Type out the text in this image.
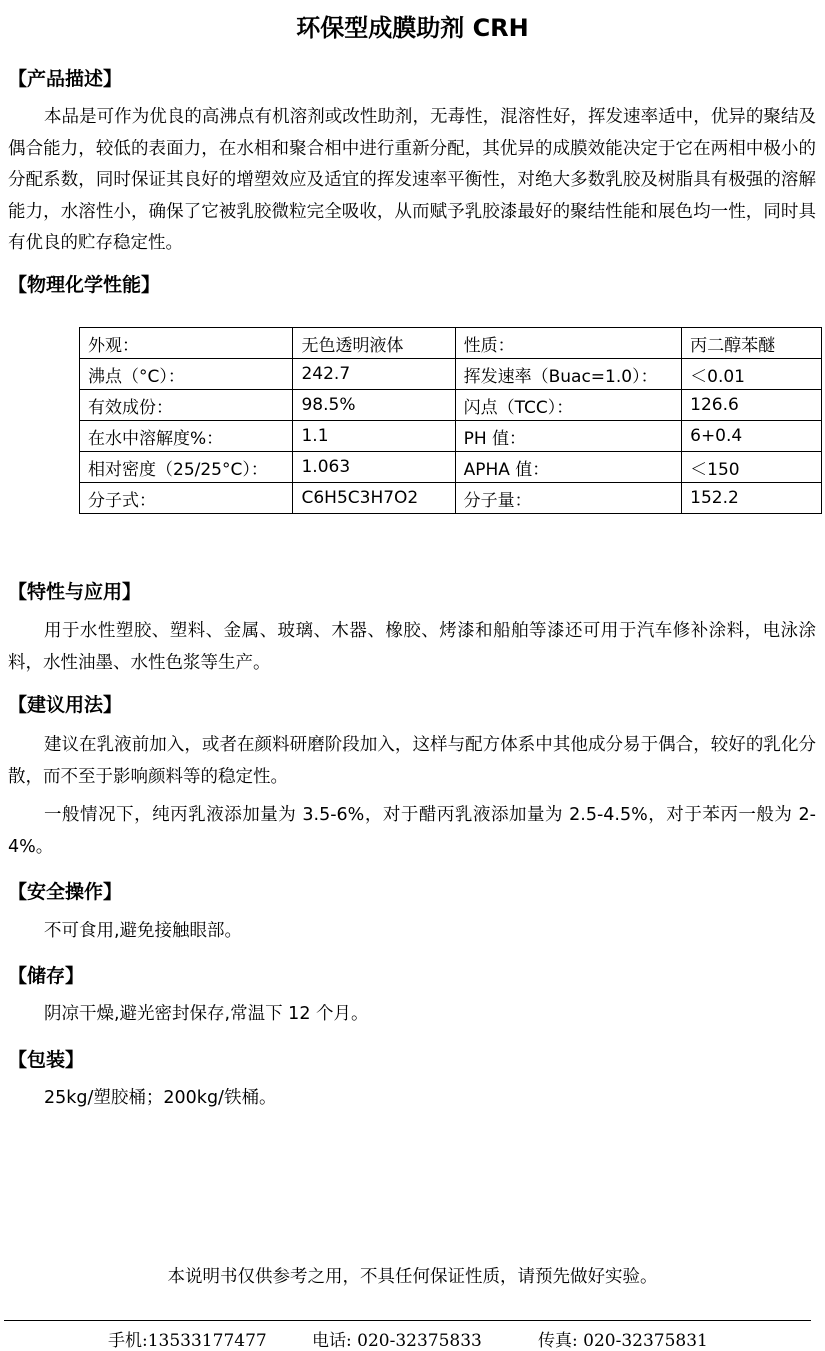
环保型成膜助剂 CRH
【产品描述】

本品是可作为优良的高沸点有机溶剂或改性助剂，无毒性，混溶性好，挥发速率适中，优异的聚结及偶合能力，较低的表面力，在水相和聚合相中进行重新分配，其优异的成膜效能决定于它在两相中极小的分配系数，同时保证其良好的增塑效应及适宜的挥发速率平衡性，对绝大多数乳胶及树脂具有极强的溶解能力，水溶性小，确保了它被乳胶微粒完全吸收，从而赋予乳胶漆最好的聚结性能和展色均一性，同时具有优良的贮存稳定性。

【物理化学性能】
外观：	无色透明液体	性质：	丙二醇苯醚
沸点（°C）：	242.7	挥发速率（Buac=1.0）：	＜0.01
有效成份：	98.5%	闪点（TCC）：	126.6
在水中溶解度%：	1.1	PH 值：	6+0.4
相对密度（25/25°C）：	1.063	APHA 值：	＜150
分子式：	C6H5C3H7O2	分子量：	152.2
【特性与应用】

用于水性塑胶、塑料、金属、玻璃、木器、橡胶、烤漆和船舶等漆还可用于汽车修补涂料，电泳涂料，水性油墨、水性色浆等生产。

【建议用法】

建议在乳液前加入，或者在颜料研磨阶段加入，这样与配方体系中其他成分易于偶合，较好的乳化分散，而不至于影响颜料等的稳定性。

一般情况下，纯丙乳液添加量为 3.5-6%，对于醋丙乳液添加量为 2.5-4.5%，对于苯丙一般为 2-4%。

【安全操作】

不可食用,避免接触眼部。

【储存】

阴凉干燥,避光密封保存,常温下 12 个月。

【包装】

25kg/塑胶桶；200kg/铁桶。

本说明书仅供参考之用，不具任何保证性质，请预先做好实验。
手机:13533177477	电话: 020-32375833	传真: 020-32375831
